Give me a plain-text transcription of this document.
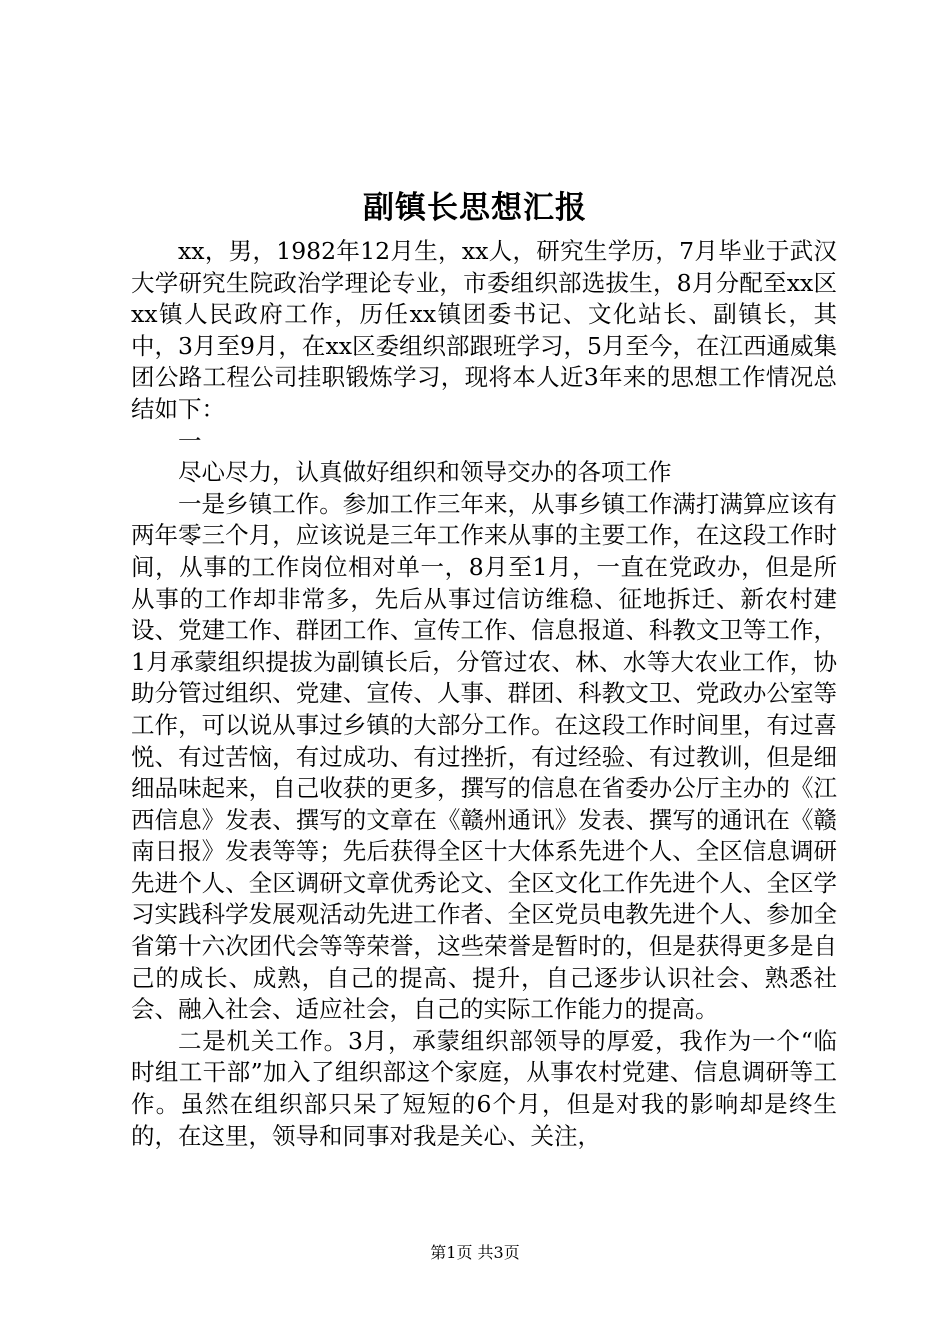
副镇长思想汇报

xx，男，1982年12月生，xx人，研究生学历，7月毕业于武汉大学研究生院政治学理论专业，市委组织部选拔生，8月分配至xx区xx镇人民政府工作，历任xx镇团委书记、文化站长、副镇长，其中，3月至9月，在xx区委组织部跟班学习，5月至今，在江西通威集团公路工程公司挂职锻炼学习，现将本人近3年来的思想工作情况总结如下：

一

尽心尽力，认真做好组织和领导交办的各项工作

一是乡镇工作。参加工作三年来，从事乡镇工作满打满算应该有两年零三个月，应该说是三年工作来从事的主要工作，在这段工作时间，从事的工作岗位相对单一，8月至1月，一直在党政办，但是所从事的工作却非常多，先后从事过信访维稳、征地拆迁、新农村建设、党建工作、群团工作、宣传工作、信息报道、科教文卫等工作，1月承蒙组织提拔为副镇长后，分管过农、林、水等大农业工作，协助分管过组织、党建、宣传、人事、群团、科教文卫、党政办公室等工作，可以说从事过乡镇的大部分工作。在这段工作时间里，有过喜悦、有过苦恼，有过成功、有过挫折，有过经验、有过教训，但是细细品味起来，自己收获的更多，撰写的信息在省委办公厅主办的《江西信息》发表、撰写的文章在《赣州通讯》发表、撰写的通讯在《赣南日报》发表等等；先后获得全区十大体系先进个人、全区信息调研先进个人、全区调研文章优秀论文、全区文化工作先进个人、全区学习实践科学发展观活动先进工作者、全区党员电教先进个人、参加全省第十六次团代会等等荣誉，这些荣誉是暂时的，但是获得更多是自己的成长、成熟，自己的提高、提升，自己逐步认识社会、熟悉社会、融入社会、适应社会，自己的实际工作能力的提高。

二是机关工作。3月，承蒙组织部领导的厚爱，我作为一个“临时组工干部”加入了组织部这个家庭，从事农村党建、信息调研等工作。虽然在组织部只呆了短短的6个月，但是对我的影响却是终生的，在这里，领导和同事对我是关心、关注，

第1页 共3页
